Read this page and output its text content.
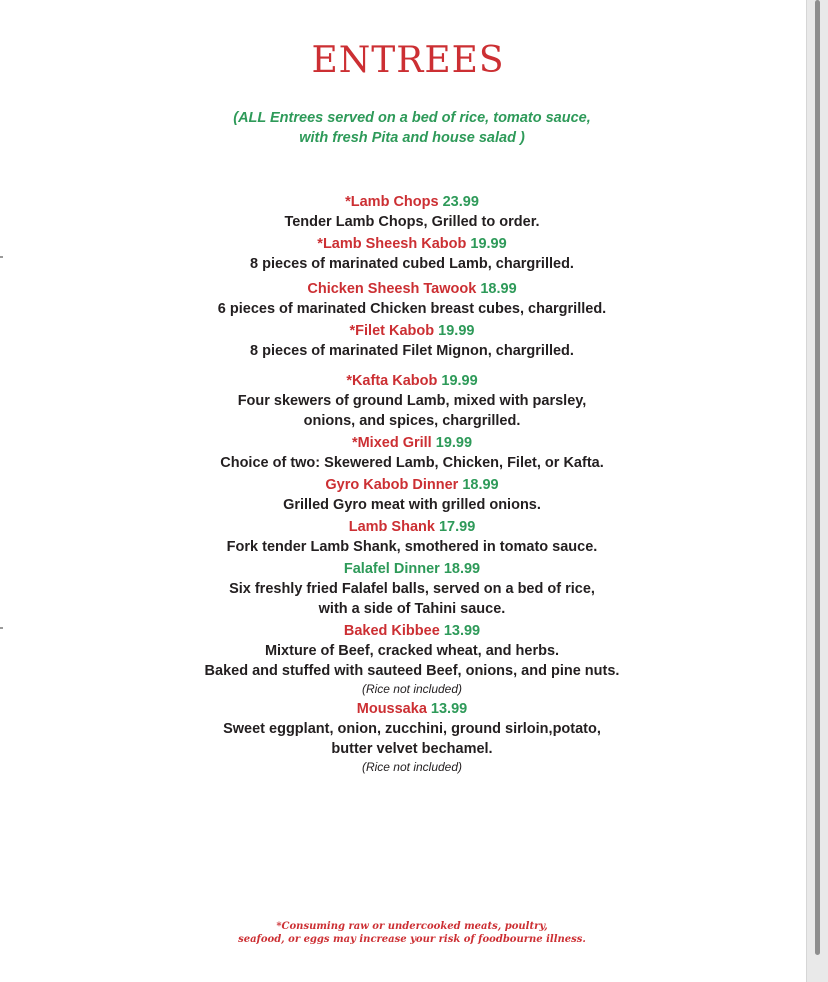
ENTREES
(ALL Entrees served on a bed of rice, tomato sauce,
with fresh Pita and house salad )
*Lamb Chops 23.99
Tender Lamb Chops, Grilled to order.
*Lamb Sheesh Kabob 19.99
8 pieces of marinated cubed Lamb, chargrilled.
Chicken Sheesh Tawook 18.99
6 pieces of marinated Chicken breast cubes, chargrilled.
*Filet Kabob 19.99
8 pieces of marinated Filet Mignon, chargrilled.
*Kafta Kabob 19.99
Four skewers of ground Lamb, mixed with parsley,
onions, and spices, chargrilled.
*Mixed Grill 19.99
Choice of two: Skewered Lamb, Chicken, Filet, or Kafta.
Gyro Kabob Dinner 18.99
Grilled Gyro meat with grilled onions.
Lamb Shank 17.99
Fork tender Lamb Shank, smothered in tomato sauce.
Falafel Dinner 18.99
Six freshly fried Falafel balls, served on a bed of rice,
with a side of Tahini sauce.
Baked Kibbee 13.99
Mixture of Beef, cracked wheat, and herbs.
Baked and stuffed with sauteed Beef, onions, and pine nuts.
(Rice not included)
Moussaka 13.99
Sweet eggplant, onion, zucchini, ground sirloin,potato,
butter velvet bechamel.
(Rice not included)
*Consuming raw or undercooked meats, poultry,
seafood, or eggs may increase your risk of foodbourne illness.
